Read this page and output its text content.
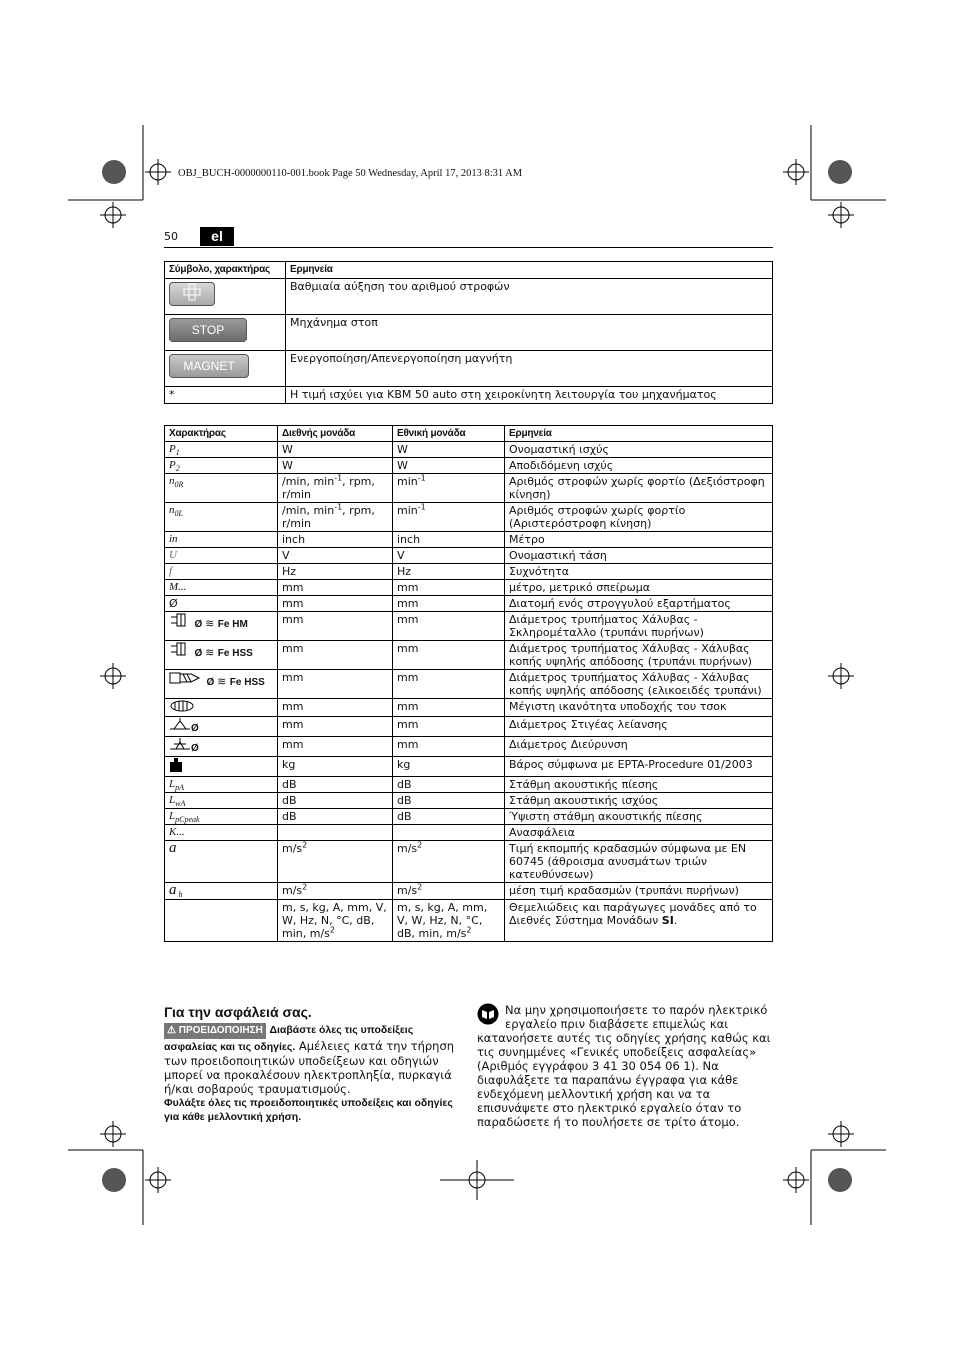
OBJ_BUCH-0000000110-001.book Page 50 Wednesday, April 17, 2013 8:31 AM
50	el
Σύμβολο, χαρακτήρας	Ερμηνεία
	Βαθμιαία αύξηση του αριθμού στροφών
STOP	Μηχάνημα στοπ
MAGNET	Ενεργοποίηση/Απενεργοποίηση μαγνήτη
*	Η τιμή ισχύει για KBM 50 auto στη χειροκίνητη λειτουργία του μηχανήματος
Χαρακτήρας	Διεθνής μονάδα	Εθνική μονάδα	Ερμηνεία
$P_1$	W	W	Ονομαστική ισχύς
$P_2$	W	W	Αποδιδόμενη ισχύς
$n_{0R}$	/min, $\min^{-1}$, rpm, r/min	$\min^{-1}$	Αριθμός στροφών χωρίς φορτίο (Δεξιόστροφη κίνηση)
$n_{0L}$	/min, $\min^{-1}$, rpm, r/min	$\min^{-1}$	Αριθμός στροφών χωρίς φορτίο (Αριστερόστροφη κίνηση)
in	inch	inch	Μέτρο
U	V	V	Ονομαστική τάση
f	Hz	Hz	Συχνότητα
M...	mm	mm	μέτρο, μετρικό σπείρωμα
Ø	mm	mm	Διατομή ενός στρογγυλού εξαρτήματος
Ø ≋ Fe HM	mm	mm	Διάμετρος τρυπήματος Χάλυβας - Σκληρομέταλλο (τρυπάνι πυρήνων)
Ø ≋ Fe HSS	mm	mm	Διάμετρος τρυπήματος Χάλυβας - Χάλυβας κοπής υψηλής απόδοσης (τρυπάνι πυρήνων)
Ø ≋ Fe HSS	mm	mm	Διάμετρος τρυπήματος Χάλυβας - Χάλυβας κοπής υψηλής απόδοσης (ελικοειδές τρυπάνι)
	mm	mm	Μέγιστη ικανότητα υποδοχής του τσοκ
Ø	mm	mm	Διάμετρος Στιγέας λείανσης
Ø	mm	mm	Διάμετρος Διεύρυνση
	kg	kg	Βάρος σύμφωνα με EPTA-Procedure 01/2003
$L_{pA}$	dB	dB	Στάθμη ακουστικής πίεσης
$L_{wA}$	dB	dB	Στάθμη ακουστικής ισχύος
$L_{pCpeak}$	dB	dB	Ύψιστη στάθμη ακουστικής πίεσης
K...			Ανασφάλεια
a	$m/s^2$	$m/s^2$	Τιμή εκπομπής κραδασμών σύμφωνα με EN 60745 (άθροισμα ανυσμάτων τριών κατευθύνσεων)
a $_h$	$m/s^2$	$m/s^2$	μέση τιμή κραδασμών (τρυπάνι πυρήνων)
	m, s, kg, A, mm, V, W, Hz, N, °C, dB, min, $m/s^2$	m, s, kg, A, mm, V, W, Hz, N, °C, dB, min, $m/s^2$	Θεμελιώδεις και παράγωγες μονάδες από το Διεθνές Σύστημα Μονάδων SI.
Για την ασφάλειά σας.
⚠ ΠΡΟΕΙΔΟΠΟΙΗΣΗ Διαβάστε όλες τις υποδείξεις ασφαλείας και τις οδηγίες. Αμέλειες κατά την τήρηση των προειδοποιητικών υποδείξεων και οδηγιών μπορεί να προκαλέσουν ηλεκτροπληξία, πυρκαγιά ή/και σοβαρούς τραυματισμούς.
Φυλάξτε όλες τις προειδοποιητικές υποδείξεις και οδηγίες για κάθε μελλοντική χρήση.
Να μην χρησιμοποιήσετε το παρόν ηλεκτρικό εργαλείο πριν διαβάσετε επιμελώς και κατανοήσετε αυτές τις οδηγίες χρήσης καθώς και τις συνημμένες «Γενικές υποδείξεις ασφαλείας» (Αριθμός εγγράφου 3 41 30 054 06 1). Να διαφυλάξετε τα παραπάνω έγγραφα για κάθε ενδεχόμενη μελλοντική χρήση και να τα επισυνάψετε στο ηλεκτρικό εργαλείο όταν το παραδώσετε ή το πουλήσετε σε τρίτο άτομο.
